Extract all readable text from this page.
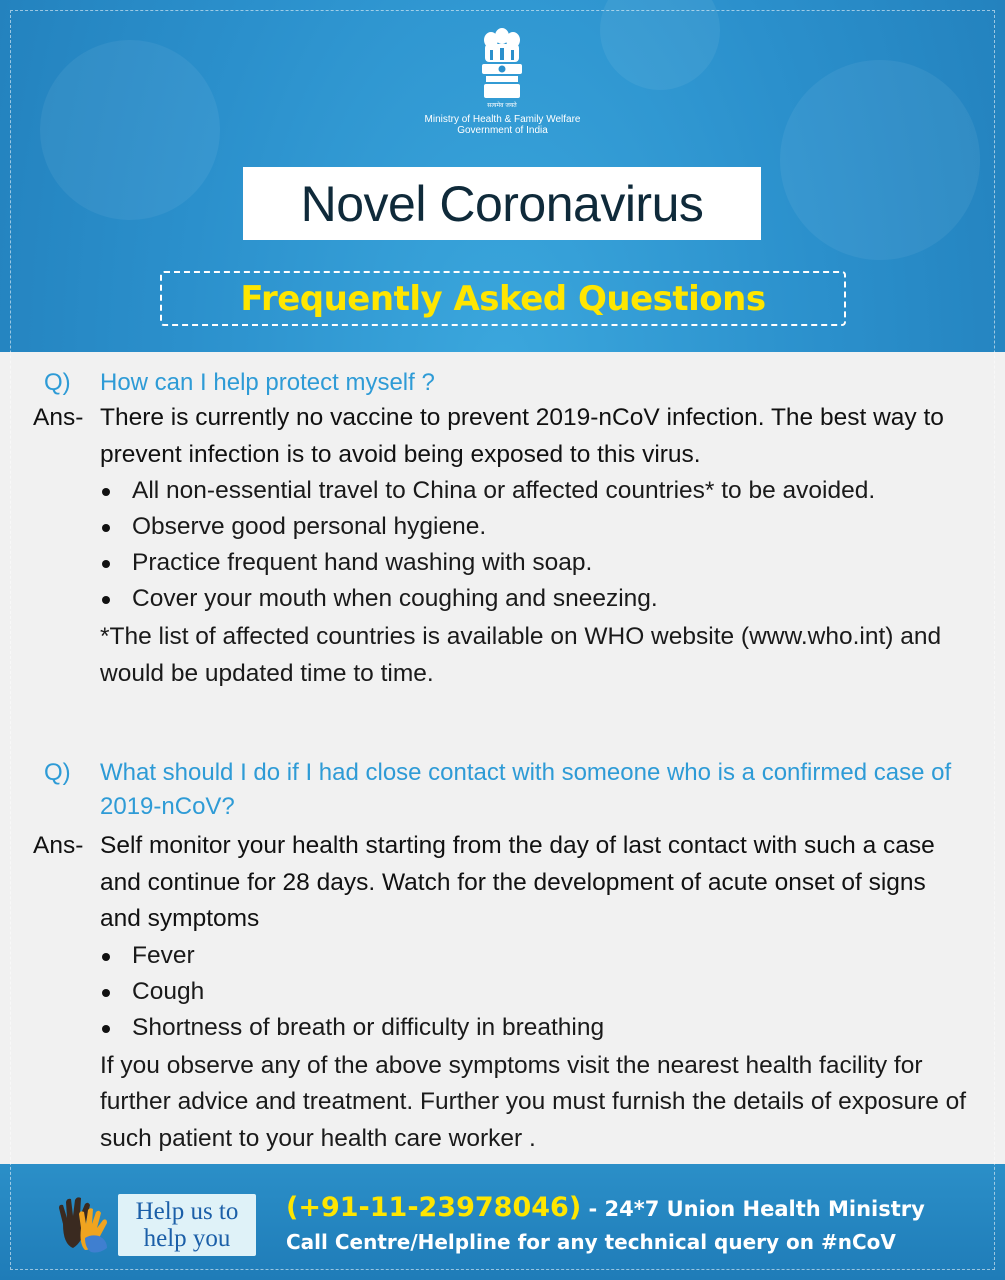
सत्यमेव जयते
Ministry of Health & Family Welfare
Government of India
Novel Coronavirus
Frequently Asked Questions
Q) How can I help protect myself ?
Ans- There is currently no vaccine to prevent 2019-nCoV infection. The best way to prevent infection is to avoid being exposed to this virus.
All non-essential travel to China or affected countries* to be avoided.
Observe good personal hygiene.
Practice frequent hand washing with soap.
Cover your mouth when coughing and sneezing.
*The list of affected countries is available on WHO website (www.who.int) and would be updated time to time.
Q) What should I do if I had close contact with someone who is a confirmed case of 2019-nCoV?
Ans- Self monitor your health starting from the day of last contact with such a case and continue for 28 days. Watch for the development of acute onset of signs and symptoms
Fever
Cough
Shortness of breath or difficulty in breathing
If you observe any of the above symptoms visit the nearest health facility for further advice and treatment. Further you must furnish the details of exposure of such patient to your health care worker .
Help us to
help you
(+91-11-23978046) - 24*7 Union Health Ministry
Call Centre/Helpline for any technical query on #nCoV
